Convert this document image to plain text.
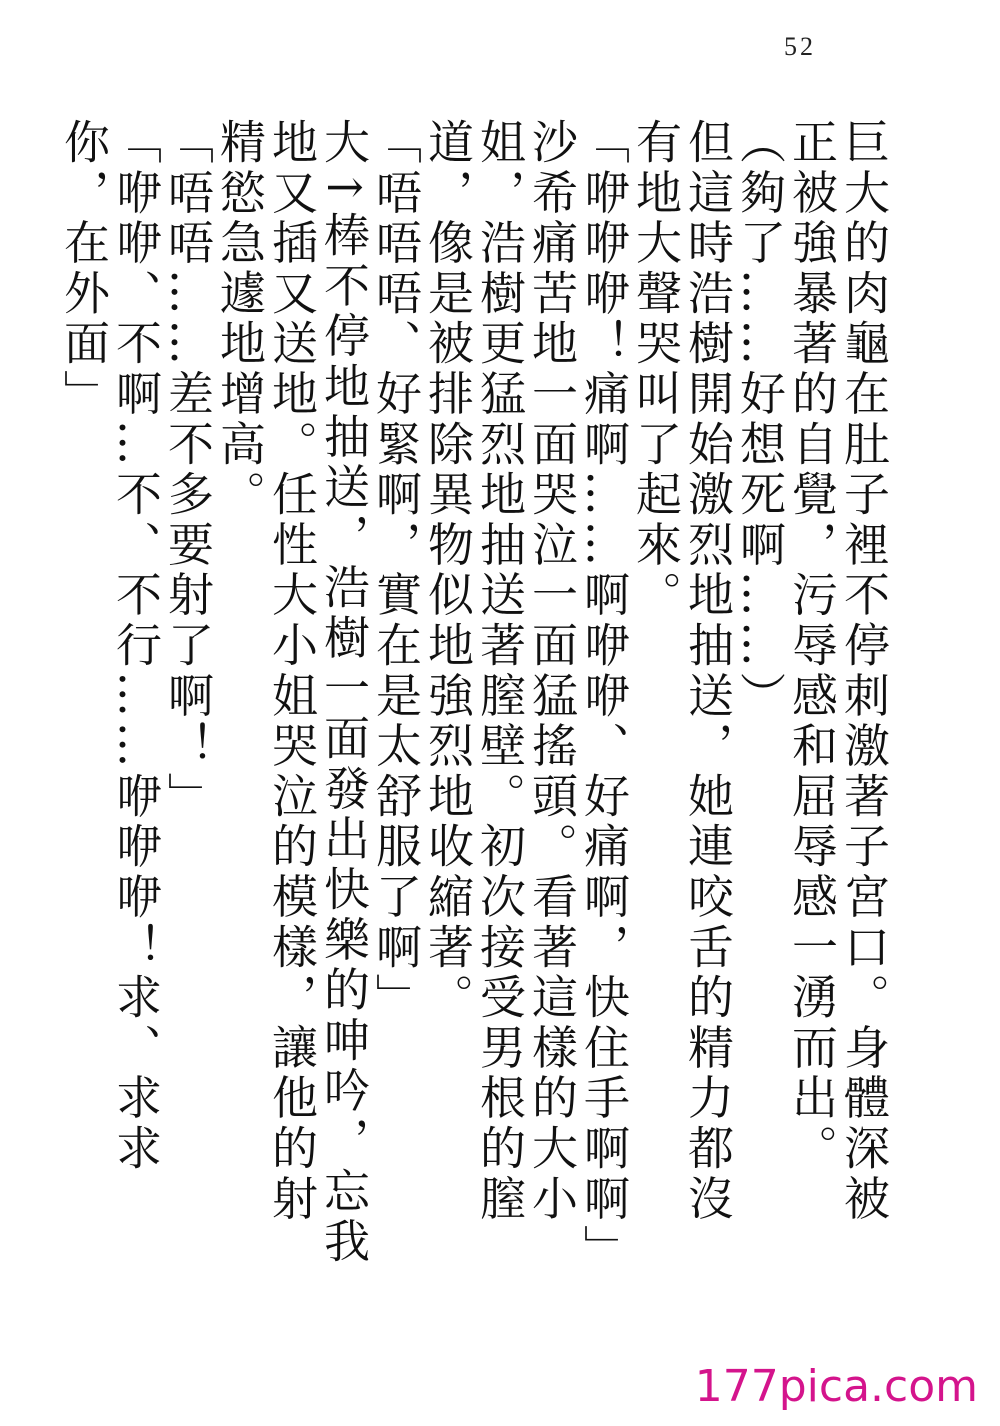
52

巨大的肉龜在肚子裡不停刺激著子宮口。身體深被正被強暴著的自覺，污辱感和屈辱感一湧而出。

（夠了……好想死啊……）

但這時浩樹開始激烈地抽送，她連咬舌的精力都沒有地大聲哭叫了起來。

「咿咿咿！痛啊……啊咿咿、好痛啊，快住手啊啊」

沙希痛苦地一面哭泣一面猛搖頭。看著這樣的大小姐，浩樹更猛烈地抽送著膣壁。初次接受男根的膣道，像是被排除異物似地強烈地收縮著。

「唔唔唔、好緊啊，實在是太舒服了啊」

大↑棒不停地抽送，浩樹一面發出快樂的呻吟，忘我地又插又送地。任性大小姐哭泣的模樣，讓他的射精慾急遽地增高。

「唔唔……差不多要射了啊！」

「咿咿、不啊…不、不行……咿咿咿！求、求求你，在外面」

177pica.com
